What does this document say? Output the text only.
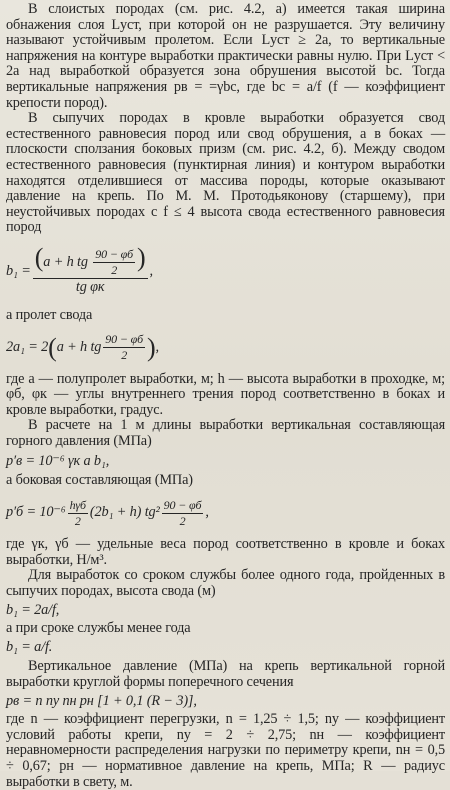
В слоистых породах (см. рис. 4.2, а) имеется такая ширина обнажения слоя Lуст, при которой он не разрушается. Эту величину называют устойчивым пролетом. Если Lуст ≥ 2a, то вертикальные напряжения на контуре выработки практически равны нулю. При Lуст < 2a над выработкой образуется зона обрушения высотой bc. Тогда вертикальные напряжения pв = =γbc, где bc = a/f (f — коэффициент крепости пород).

В сыпучих породах в кровле выработки образуется свод естественного равновесия пород или свод обрушения, а в боках — плоскости сползания боковых призм (см. рис. 4.2, б). Между сводом естественного равновесия (пунктирная линия) и контуром выработки находятся отделившиеся от массива породы, которые оказывают давление на крепь. По М. М. Протодьяконову (старшему), при неустойчивых породах с f ≤ 4 высота свода естественного равновесия пород

b₁ = (a + h tg $\frac{90 - \varphi б}{2}$ )
tg φк
,

а пролет свода

2a₁ = 2 ( a + h tg $\frac{90 - \varphi б}{2}$ ) ,

где a — полупролет выработки, м; h — высота выработки в проходке, м; φб, φк — углы внутреннего трения пород соответственно в боках и кровле выработки, градус.

В расчете на 1 м длины выработки вертикальная составляющая горного давления (МПа)

p′в = 10⁻⁶ γк a b₁,

а боковая составляющая (МПа)

$p'б = 10^{-6} \frac{\text{hγб}}{2} (2b_1 + h)$ $tg^2 \frac{90 - \varphi б}{2}$ ,

где γк, γб — удельные веса пород соответственно в кровле и боках выработки, Н/м³.

Для выработок со сроком службы более одного года, пройденных в сыпучих породах, высота свода (м)

b₁ = 2a/f,

а при сроке службы менее года

b₁ = a/f.

Вертикальное давление (МПа) на крепь вертикальной горной выработки круглой формы поперечного сечения

pв = n nу nн pн [1 + 0,1 (R − 3)],

где n — коэффициент перегрузки, n = 1,25 ÷ 1,5; nу — коэффициент условий работы крепи, nу = 2 ÷ 2,75; nн — коэффициент неравномерности распределения нагрузки по периметру крепи, nн = 0,5 ÷ 0,67; pн — нормативное давление на крепь, МПа; R — радиус выработки в свету, м.
